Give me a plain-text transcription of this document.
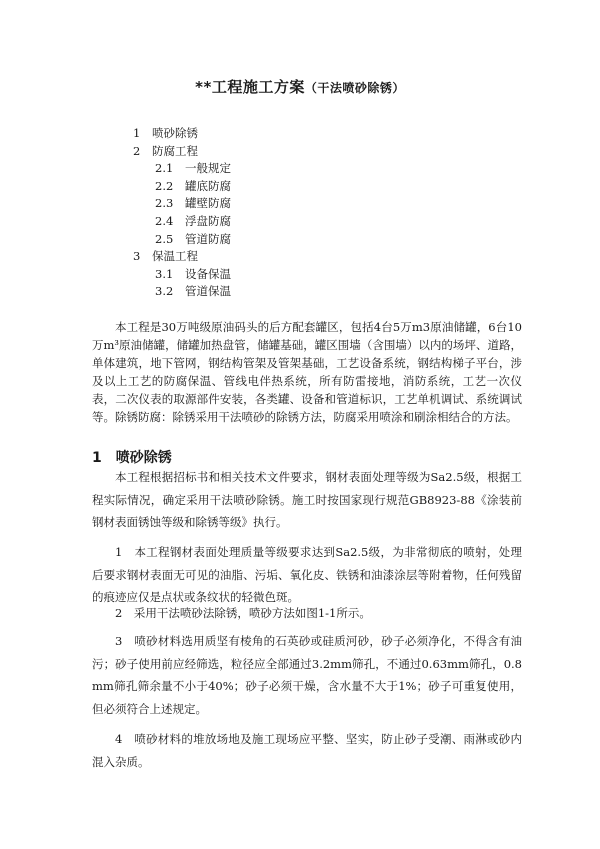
**工程施工方案（干法喷砂除锈）
1 喷砂除锈
2 防腐工程
2.1 一般规定
2.2 罐底防腐
2.3 罐壁防腐
2.4 浮盘防腐
2.5 管道防腐
3 保温工程
3.1 设备保温
3.2 管道保温

本工程是30万吨级原油码头的后方配套罐区，包括4台5万m3原油储罐，6台10万m³原油储罐，储罐加热盘管，储罐基础，罐区围墙（含围墙）以内的场坪、道路，单体建筑，地下管网，钢结构管架及管架基础，工艺设备系统，钢结构梯子平台，涉及以上工艺的防腐保温、管线电伴热系统，所有防雷接地，消防系统，工艺一次仪表，二次仪表的取源部件安装，各类罐、设备和管道标识，工艺单机调试、系统调试等。除锈防腐：除锈采用干法喷砂的除锈方法，防腐采用喷涂和刷涂相结合的方法。

1 喷砂除锈

本工程根据招标书和相关技术文件要求，钢材表面处理等级为Sa2.5级，根据工程实际情况，确定采用干法喷砂除锈。施工时按国家现行规范GB8923-88《涂装前钢材表面锈蚀等级和除锈等级》执行。

1　本工程钢材表面处理质量等级要求达到Sa2.5级，为非常彻底的喷射，处理后要求钢材表面无可见的油脂、污垢、氧化皮、铁锈和油漆涂层等附着物，任何残留的痕迹应仅是点状或条纹状的轻微色斑。

2　采用干法喷砂法除锈，喷砂方法如图1-1所示。

3　喷砂材料选用质坚有棱角的石英砂或硅质河砂，砂子必须净化，不得含有油污；砂子使用前应经筛选，粒径应全部通过3.2mm筛孔，不通过0.63mm筛孔，0.8mm筛孔筛余量不小于40%；砂子必须干燥，含水量不大于1%；砂子可重复使用，但必须符合上述规定。

4　喷砂材料的堆放场地及施工现场应平整、坚实，防止砂子受潮、雨淋或砂内混入杂质。
